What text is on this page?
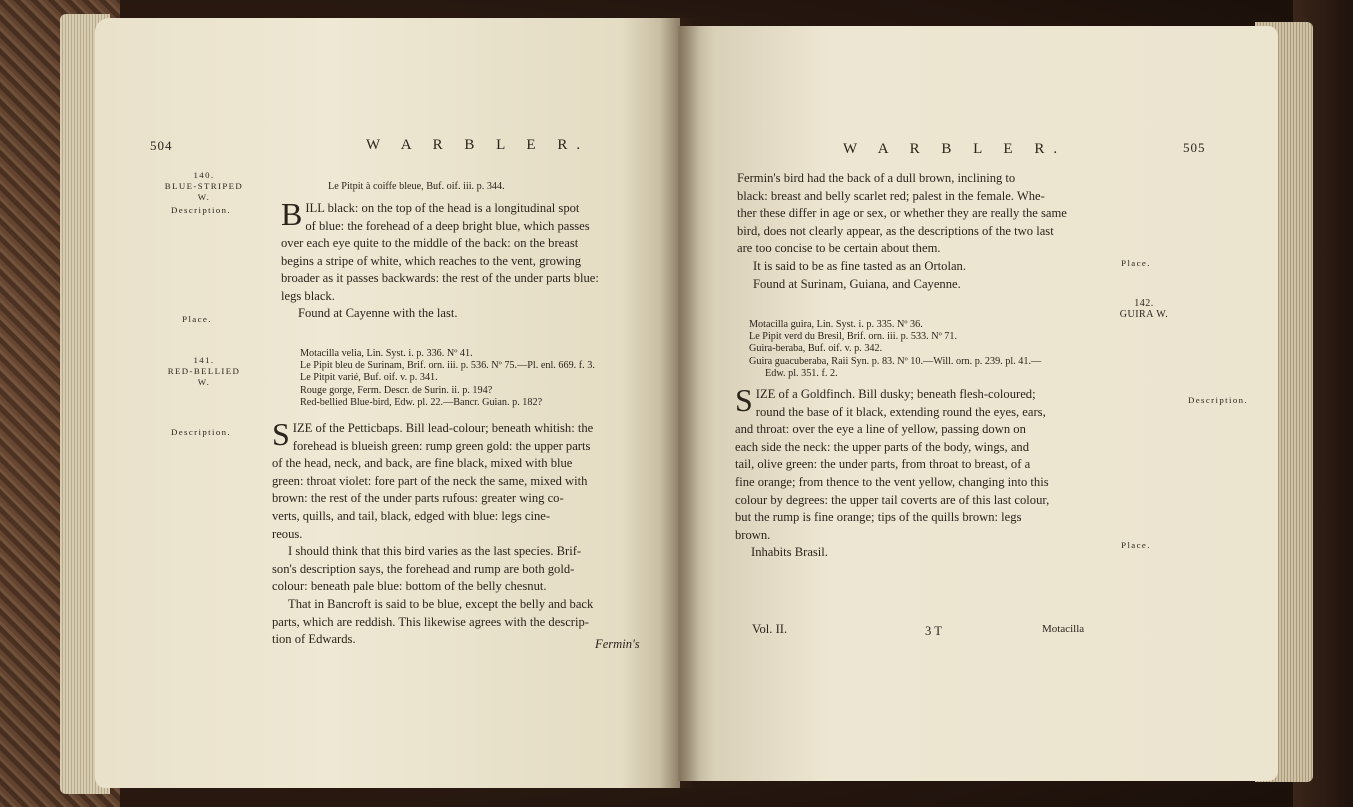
504	W A R B L E R.
140.
BLUE-STRIPED
W.
Le Pitpit à coiffe bleue, Buf. oif. iii. p. 344.
Description.	B ILL black: on the top of the head is a longitudinal spot

of blue: the forehead of a deep bright blue, which passes

over each eye quite to the middle of the back: on the breast

begins a stripe of white, which reaches to the vent, growing

broader as it passes backwards: the rest of the under parts blue:

legs black.

Place.	Found at Cayenne with the last.
141.
RED-BELLIED
W.

Motacilla velia, Lin. Syst. i. p. 336. Nº 41.

Le Pipit bleu de Surinam, Brif. orn. iii. p. 536. Nº 75.—Pl. enl. 669. f. 3.

Le Pitpit varié, Buf. oif. v. p. 341.

Rouge gorge, Ferm. Descr. de Surin. ii. p. 194?

Red-bellied Blue-bird, Edw. pl. 22.—Bancr. Guian. p. 182?

Description.	S IZE of the Petticbaps. Bill lead-colour; beneath whitish: the

forehead is blueish green: rump green gold: the upper parts

of the head, neck, and back, are fine black, mixed with blue

green: throat violet: fore part of the neck the same, mixed with

brown: the rest of the under parts rufous: greater wing co-

verts, quills, and tail, black, edged with blue: legs cine-

reous.

I should think that this bird varies as the last species. Brif-

son's description says, the forehead and rump are both gold-

colour: beneath pale blue: bottom of the belly chesnut.

That in Bancroft is said to be blue, except the belly and back

parts, which are reddish. This likewise agrees with the descrip-

tion of Edwards.	Fermin's
W A R B L E R.	505

Fermin's bird had the back of a dull brown, inclining to

black: breast and belly scarlet red; palest in the female. Whe-

ther these differ in age or sex, or whether they are really the same

bird, does not clearly appear, as the descriptions of the two last

are too concise to be certain about them.

It is said to be as fine tasted as an Ortolan.

Found at Surinam, Guiana, and Cayenne.

Place.
142.
GUIRA W.

Motacilla guira, Lin. Syst. i. p. 335. Nº 36.

Le Pipit verd du Bresil, Brif. orn. iii. p. 533. Nº 71.

Guira-beraba, Buf. oif. v. p. 342.

Guira guacuberaba, Raii Syn. p. 83. Nº 10.—Will. orn. p. 239. pl. 41.—

Edw. pl. 351. f. 2.

Description.
S IZE of a Goldfinch. Bill dusky; beneath flesh-coloured;

round the base of it black, extending round the eyes, ears,

and throat: over the eye a line of yellow, passing down on

each side the neck: the upper parts of the body, wings, and

tail, olive green: the under parts, from throat to breast, of a

fine orange; from thence to the vent yellow, changing into this

colour by degrees: the upper tail coverts are of this last colour,

but the rump is fine orange; tips of the quills brown: legs

brown.

Inhabits Brasil.

Place.
Vol. II.	3 T	Motacilla
